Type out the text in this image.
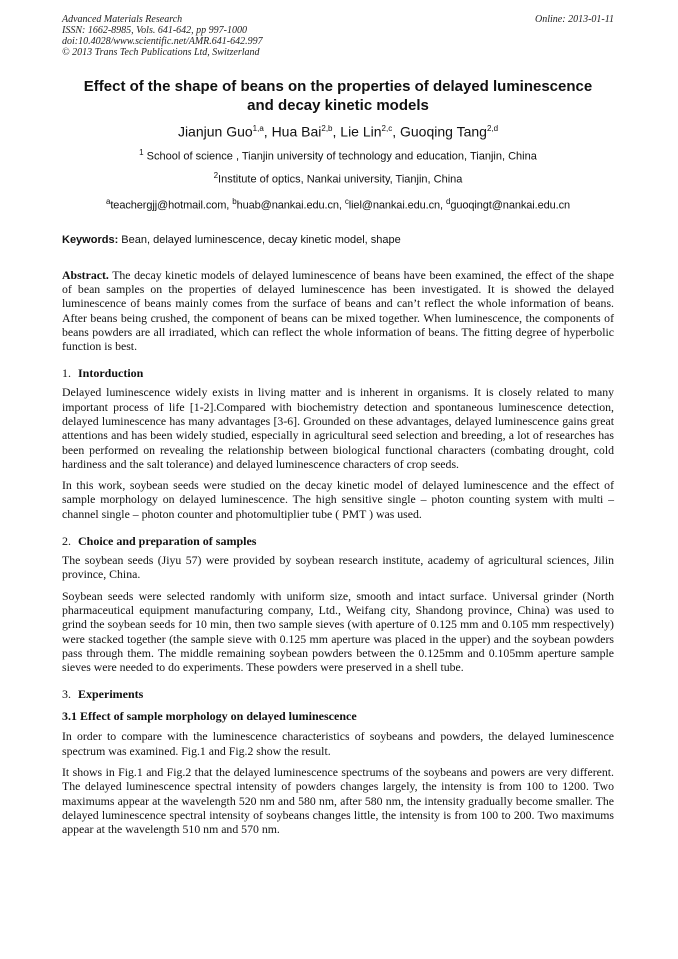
Advanced Materials Research
ISSN: 1662-8985, Vols. 641-642, pp 997-1000
doi:10.4028/www.scientific.net/AMR.641-642.997
© 2013 Trans Tech Publications Ltd, Switzerland
Online: 2013-01-11
Effect of the shape of beans on the properties of delayed luminescence
and decay kinetic models
Jianjun Guo$^{1,a}$, Hua Bai$^{2,b}$, Lie Lin$^{2,c}$, Guoqing Tang$^{2,d}$
$^1$ School of science , Tianjin university of technology and education, Tianjin, China
$^2$Institute of optics, Nankai university, Tianjin, China
$^a$teachergjj@hotmail.com, $^b$huab@nankai.edu.cn, $^c$liel@nankai.edu.cn, $^d$guoqingt@nankai.edu.cn
Keywords: Bean, delayed luminescence, decay kinetic model, shape

Abstract. The decay kinetic models of delayed luminescence of beans have been examined, the effect of the shape of bean samples on the properties of delayed luminescence has been investigated. It is showed the delayed luminescence of beans mainly comes from the surface of beans and can’t reflect the whole information of beans. After beans being crushed, the component of beans can be mixed together. When luminescence, the components of beans powders are all irradiated, which can reflect the whole information of beans. The fitting degree of hyperbolic function is best.

1. Intorduction

Delayed luminescence widely exists in living matter and is inherent in organisms. It is closely related to many important process of life [1-2].Compared with biochemistry detection and spontaneous luminescence detection, delayed luminescence has many advantages [3-6]. Grounded on these advantages, delayed luminescence gains great attentions and has been widely studied, especially in agricultural seed selection and breeding, a lot of researches has been performed on revealing the relationship between biological functional characters (combating drought, cold hardiness and the salt tolerance) and delayed luminescence characters of crop seeds.

In this work, soybean seeds were studied on the decay kinetic model of delayed luminescence and the effect of sample morphology on delayed luminescence. The high sensitive single – photon counting system with multi – channel single – photon counter and photomultiplier tube ( PMT ) was used.

2. Choice and preparation of samples

The soybean seeds (Jiyu 57) were provided by soybean research institute, academy of agricultural sciences, Jilin province, China.

Soybean seeds were selected randomly with uniform size, smooth and intact surface. Universal grinder (North pharmaceutical equipment manufacturing company, Ltd., Weifang city, Shandong province, China) was used to grind the soybean seeds for 10 min, then two sample sieves (with aperture of 0.125 mm and 0.105 mm respectively) were stacked together (the sample sieve with 0.125 mm aperture was placed in the upper) and the soybean powders pass through them. The middle remaining soybean powders between the 0.125mm and 0.105mm aperture sample sieves were needed to do experiments. These powders were preserved in a shell tube.

3. Experiments
3.1 Effect of sample morphology on delayed luminescence

In order to compare with the luminescence characteristics of soybeans and powders, the delayed luminescence spectrum was examined. Fig.1 and Fig.2 show the result.

It shows in Fig.1 and Fig.2 that the delayed luminescence spectrums of the soybeans and powers are very different. The delayed luminescence spectral intensity of powders changes largely, the intensity is from 100 to 1200. Two maximums appear at the wavelength 520 nm and 580 nm, after 580 nm, the intensity gradually become smaller. The delayed luminescence spectral intensity of soybeans changes little, the intensity is from 100 to 200. Two maximums appear at the wavelength 510 nm and 570 nm.
